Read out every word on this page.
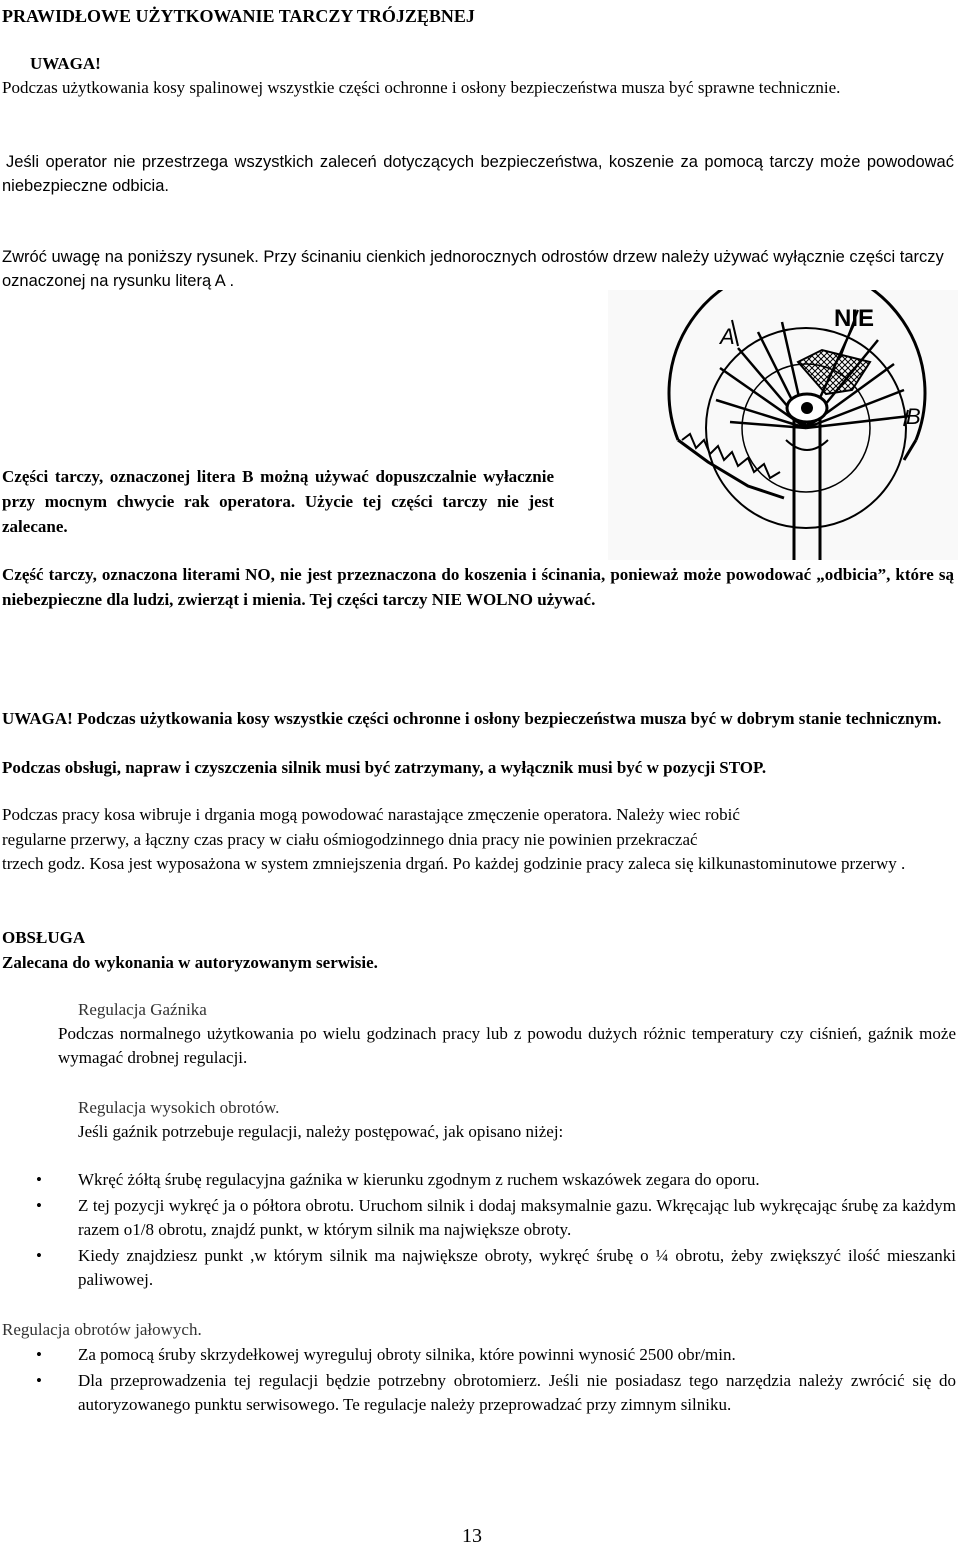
PRAWIDŁOWE UŻYTKOWANIE TARCZY TRÓJZĘBNEJ
UWAGA!
Podczas użytkowania kosy spalinowej wszystkie części ochronne i osłony bezpieczeństwa musza być sprawne technicznie.
Jeśli operator nie przestrzega wszystkich zaleceń dotyczących bezpieczeństwa, koszenie za pomocą tarczy może powodować niebezpieczne odbicia.
Zwróć uwagę na poniższy rysunek. Przy ścinaniu cienkich jednorocznych odrostów drzew należy używać wyłącznie części tarczy oznaczonej na rysunku literą A .
NIE
A
B
Części tarczy, oznaczonej litera B możną używać dopuszczalnie wyłacznie przy mocnym chwycie rak operatora. Użycie tej części tarczy nie jest zalecane.
Część tarczy, oznaczona literami NO, nie jest przeznaczona do koszenia i ścinania, ponieważ może powodować „odbicia”, które są niebezpieczne dla ludzi, zwierząt i mienia. Tej części tarczy NIE WOLNO używać.
UWAGA! Podczas użytkowania kosy wszystkie części ochronne i osłony bezpieczeństwa musza być w dobrym stanie technicznym.
Podczas obsługi, napraw i czyszczenia silnik musi być zatrzymany, a wyłącznik musi być w pozycji STOP.
Podczas pracy kosa wibruje i drgania mogą powodować narastające zmęczenie operatora. Należy wiec robić
regularne przerwy, a łączny czas pracy w ciału ośmiogodzinnego dnia pracy nie powinien przekraczać
trzech godz. Kosa jest wyposażona w system zmniejszenia drgań. Po każdej godzinie pracy zaleca się kilkunastominutowe przerwy .
OBSŁUGA
Zalecana do wykonania w autoryzowanym serwisie.
Regulacja Gaźnika
Podczas normalnego użytkowania po wielu godzinach pracy lub z powodu dużych różnic temperatury czy ciśnień, gaźnik może wymagać drobnej regulacji.
Regulacja wysokich obrotów.
Jeśli gaźnik potrzebuje regulacji, należy postępować, jak opisano niżej:
• Wkręć żółtą śrubę regulacyjna gaźnika w kierunku zgodnym z ruchem wskazówek zegara do oporu.
• Z tej pozycji wykręć ja o półtora obrotu. Uruchom silnik i dodaj maksymalnie gazu. Wkręcając lub wykręcając śrubę za każdym razem o1/8 obrotu, znajdź punkt, w którym silnik ma największe obroty.
• Kiedy znajdziesz punkt ,w którym silnik ma największe obroty, wykręć śrubę o ¼ obrotu, żeby zwiększyć ilość mieszanki paliwowej.
Regulacja obrotów jałowych.
• Za pomocą śruby skrzydełkowej wyreguluj obroty silnika, które powinni wynosić 2500 obr/min.
• Dla przeprowadzenia tej regulacji będzie potrzebny obrotomierz. Jeśli nie posiadasz tego narzędzia należy zwrócić się do autoryzowanego punktu serwisowego. Te regulacje należy przeprowadzać przy zimnym silniku.
13
